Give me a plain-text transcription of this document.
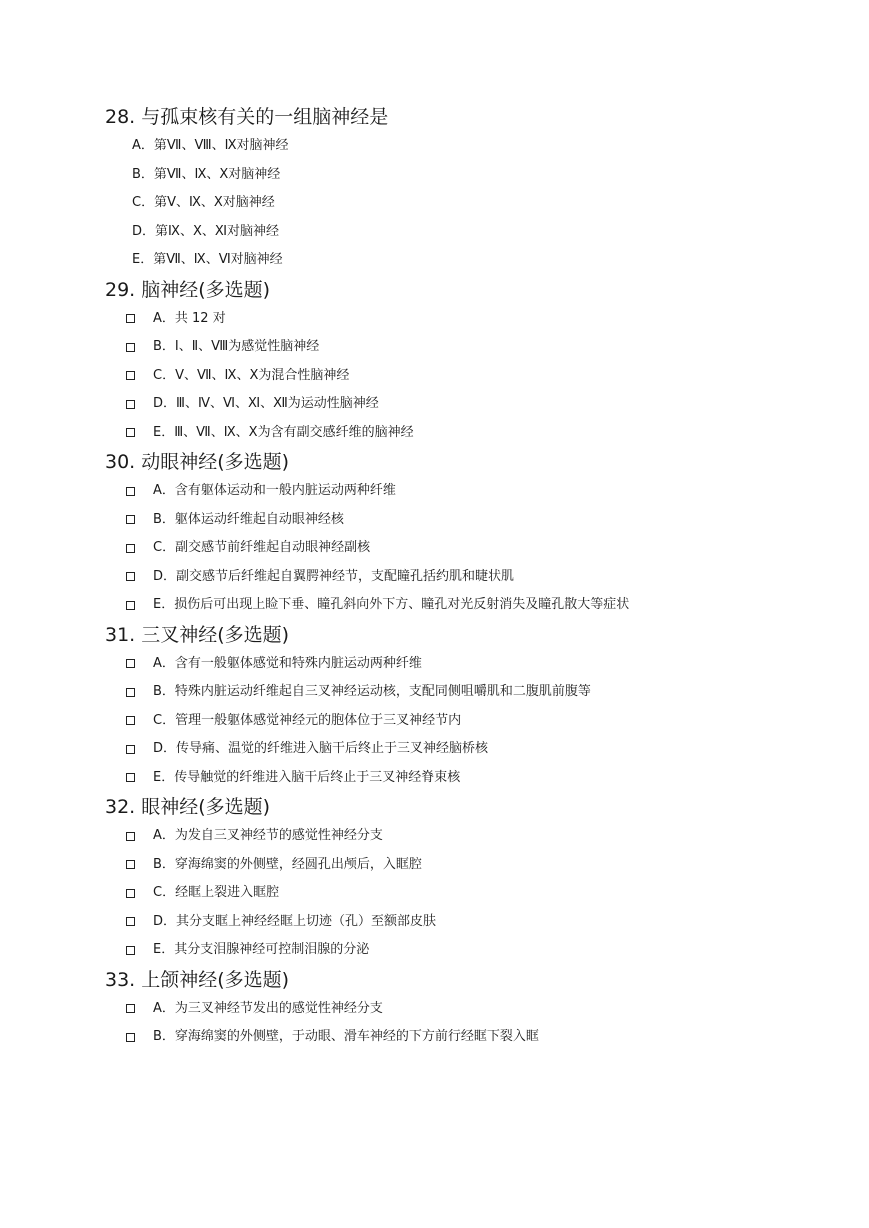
28. 与孤束核有关的一组脑神经是
A．第Ⅶ、Ⅷ、Ⅸ对脑神经
B．第Ⅶ、Ⅸ、Ⅹ对脑神经
C．第Ⅴ、Ⅸ、Ⅹ对脑神经
D．第Ⅸ、Ⅹ、Ⅺ对脑神经
E．第Ⅶ、Ⅸ、Ⅵ对脑神经
29. 脑神经(多选题)
A．共 12 对
B．Ⅰ、Ⅱ、Ⅷ为感觉性脑神经
C．Ⅴ、Ⅶ、Ⅸ、Ⅹ为混合性脑神经
D．Ⅲ、Ⅳ、Ⅵ、Ⅺ、Ⅻ为运动性脑神经
E．Ⅲ、Ⅶ、Ⅸ、Ⅹ为含有副交感纤维的脑神经
30. 动眼神经(多选题)
A．含有躯体运动和一般内脏运动两种纤维
B．躯体运动纤维起自动眼神经核
C．副交感节前纤维起自动眼神经副核
D．副交感节后纤维起自翼腭神经节，支配瞳孔括约肌和睫状肌
E．损伤后可出现上睑下垂、瞳孔斜向外下方、瞳孔对光反射消失及瞳孔散大等症状
31. 三叉神经(多选题)
A．含有一般躯体感觉和特殊内脏运动两种纤维
B．特殊内脏运动纤维起自三叉神经运动核，支配同侧咀嚼肌和二腹肌前腹等
C．管理一般躯体感觉神经元的胞体位于三叉神经节内
D．传导痛、温觉的纤维进入脑干后终止于三叉神经脑桥核
E．传导触觉的纤维进入脑干后终止于三叉神经脊束核
32. 眼神经(多选题)
A．为发自三叉神经节的感觉性神经分支
B．穿海绵窦的外侧壁，经圆孔出颅后，入眶腔
C．经眶上裂进入眶腔
D．其分支眶上神经经眶上切迹（孔）至额部皮肤
E．其分支泪腺神经可控制泪腺的分泌
33. 上颌神经(多选题)
A．为三叉神经节发出的感觉性神经分支
B．穿海绵窦的外侧壁，于动眼、滑车神经的下方前行经眶下裂入眶
